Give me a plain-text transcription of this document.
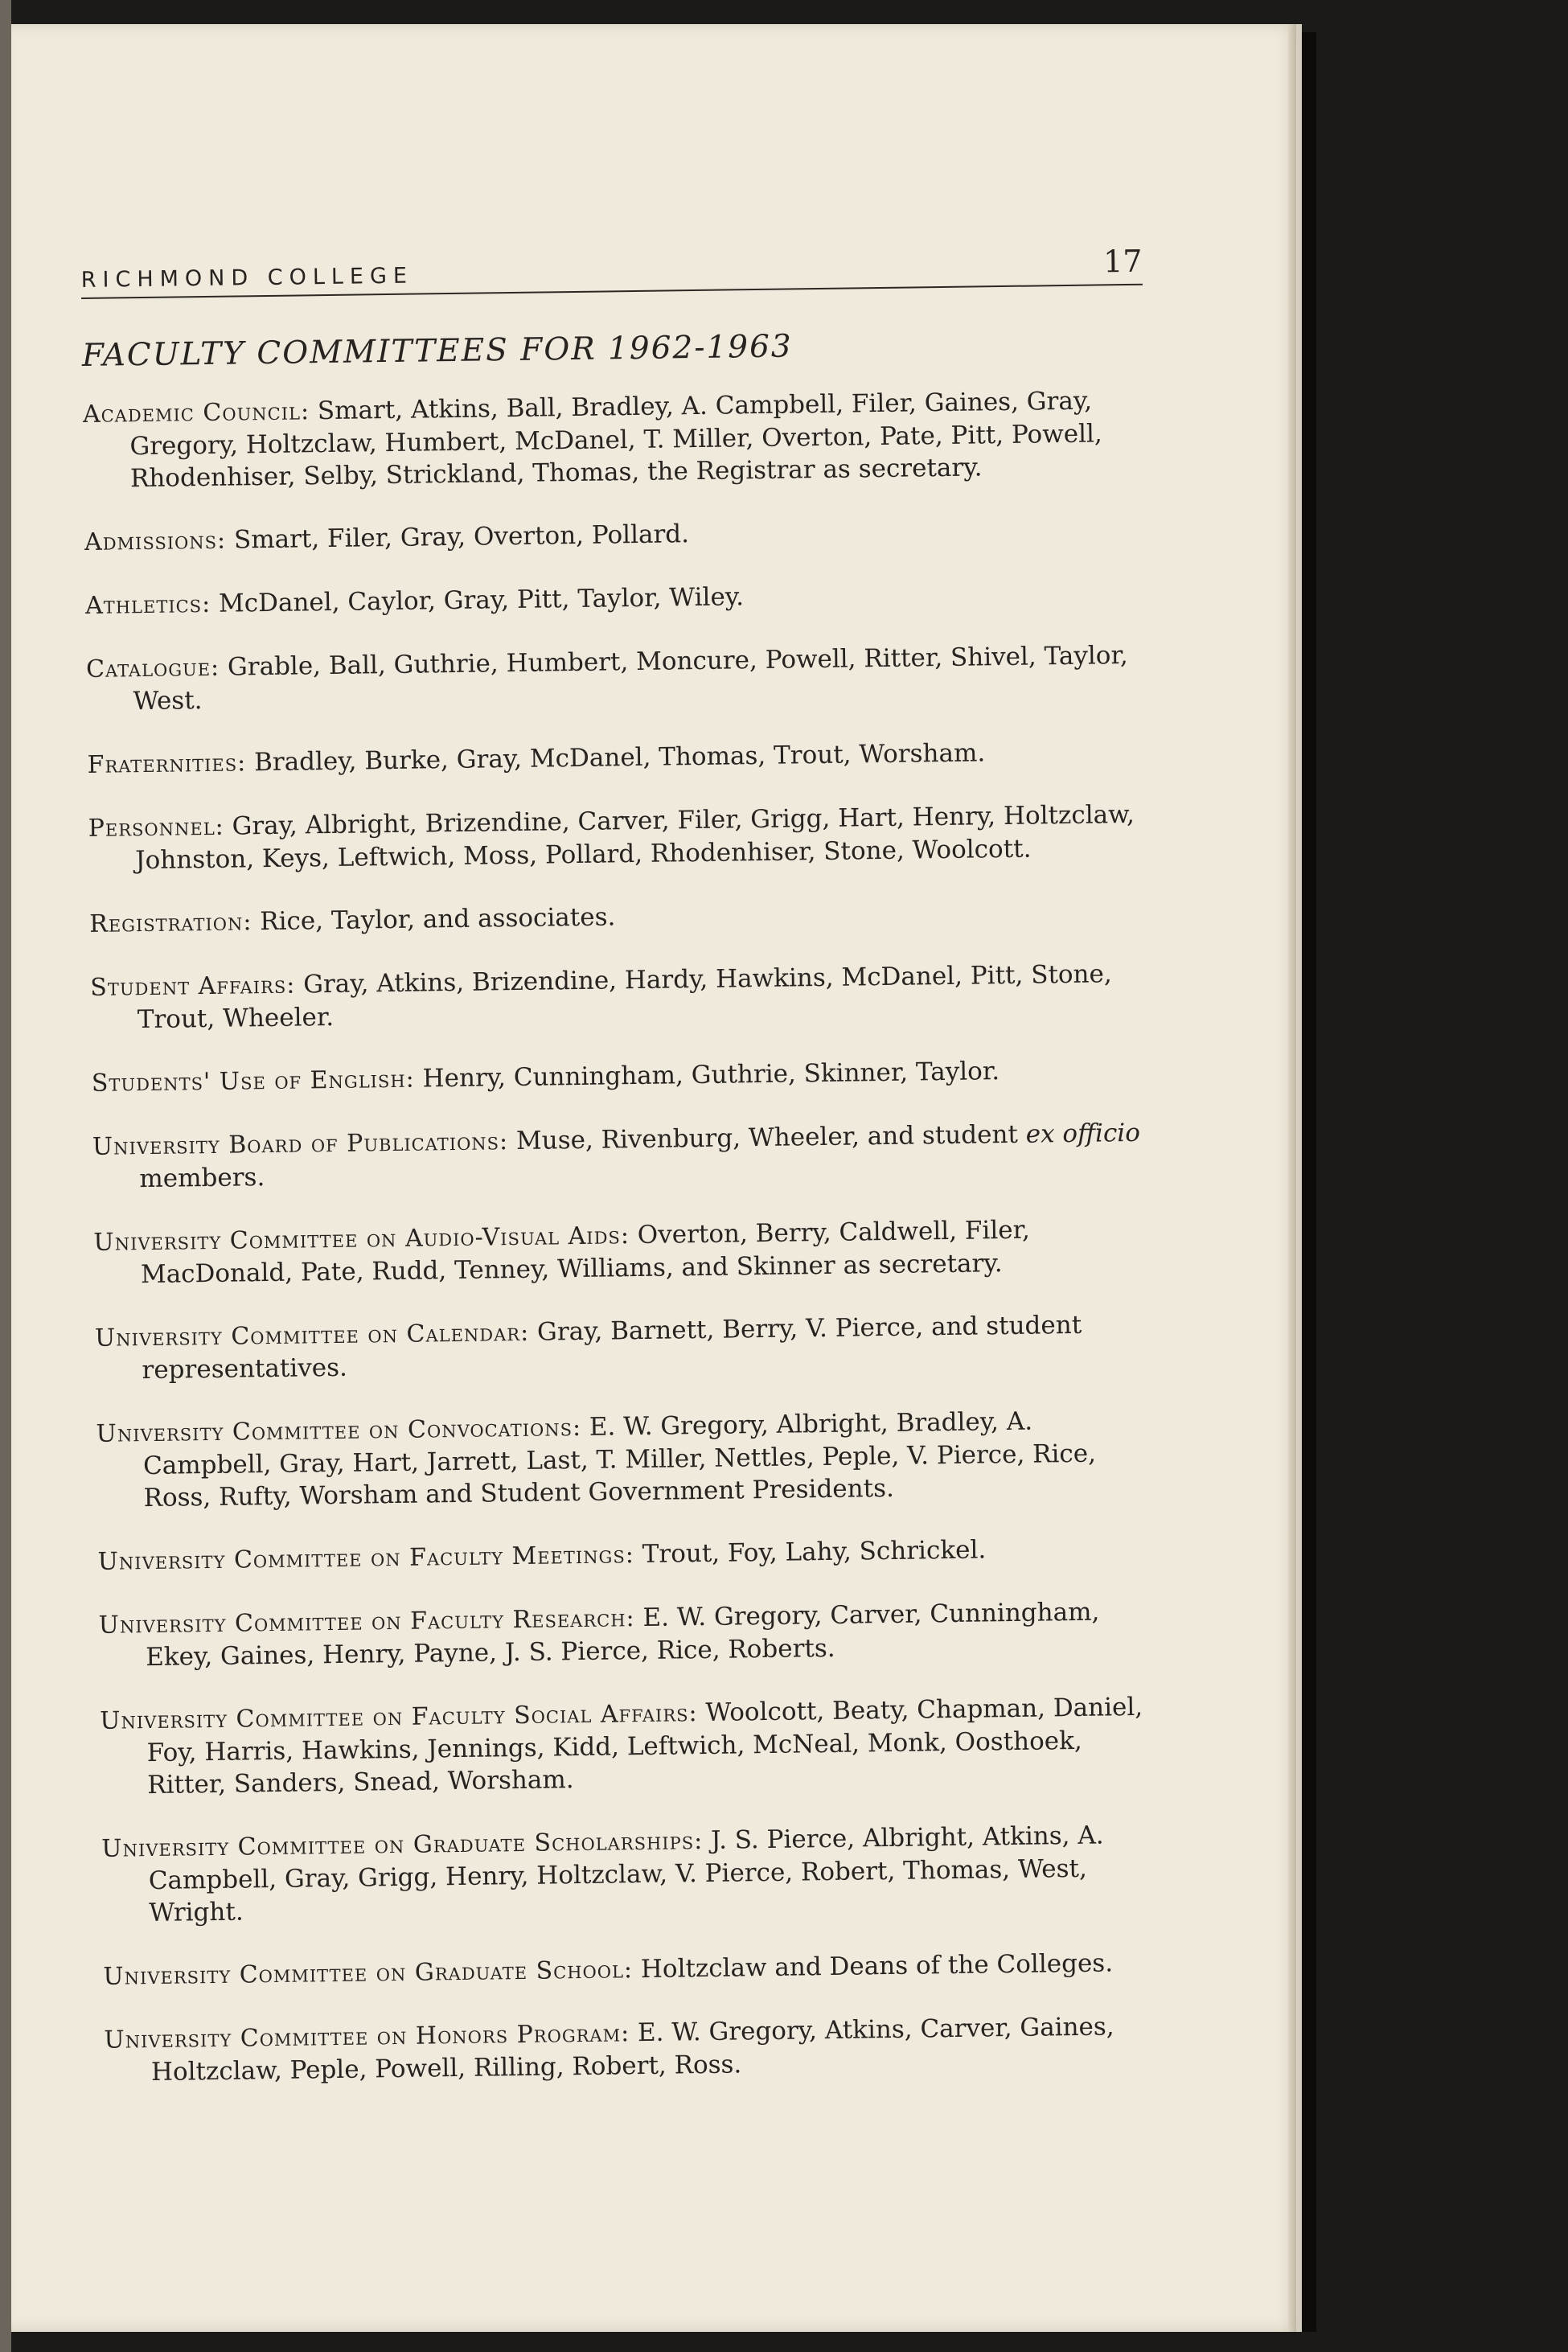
RICHMOND COLLEGE	17
FACULTY COMMITTEES FOR 1962-1963
Academic Council: Smart, Atkins, Ball, Bradley, A. Campbell, Filer, Gaines, Gray, Gregory, Holtzclaw, Humbert, McDanel, T. Miller, Overton, Pate, Pitt, Powell, Rhodenhiser, Selby, Strickland, Thomas, the Registrar as secretary.
Admissions: Smart, Filer, Gray, Overton, Pollard.
Athletics: McDanel, Caylor, Gray, Pitt, Taylor, Wiley.
Catalogue: Grable, Ball, Guthrie, Humbert, Moncure, Powell, Ritter, Shivel, Taylor, West.
Fraternities: Bradley, Burke, Gray, McDanel, Thomas, Trout, Worsham.
Personnel: Gray, Albright, Brizendine, Carver, Filer, Grigg, Hart, Henry, Holtzclaw, Johnston, Keys, Leftwich, Moss, Pollard, Rhodenhiser, Stone, Woolcott.
Registration: Rice, Taylor, and associates.
Student Affairs: Gray, Atkins, Brizendine, Hardy, Hawkins, McDanel, Pitt, Stone, Trout, Wheeler.
Students' Use of English: Henry, Cunningham, Guthrie, Skinner, Taylor.
University Board of Publications: Muse, Rivenburg, Wheeler, and student ex officio members.
University Committee on Audio-Visual Aids: Overton, Berry, Caldwell, Filer, MacDonald, Pate, Rudd, Tenney, Williams, and Skinner as secretary.
University Committee on Calendar: Gray, Barnett, Berry, V. Pierce, and student representatives.
University Committee on Convocations: E. W. Gregory, Albright, Bradley, A. Campbell, Gray, Hart, Jarrett, Last, T. Miller, Nettles, Peple, V. Pierce, Rice, Ross, Rufty, Worsham and Student Government Presidents.
University Committee on Faculty Meetings: Trout, Foy, Lahy, Schrickel.
University Committee on Faculty Research: E. W. Gregory, Carver, Cunningham, Ekey, Gaines, Henry, Payne, J. S. Pierce, Rice, Roberts.
University Committee on Faculty Social Affairs: Woolcott, Beaty, Chapman, Daniel, Foy, Harris, Hawkins, Jennings, Kidd, Leftwich, McNeal, Monk, Oosthoek, Ritter, Sanders, Snead, Worsham.
University Committee on Graduate Scholarships: J. S. Pierce, Albright, Atkins, A. Campbell, Gray, Grigg, Henry, Holtzclaw, V. Pierce, Robert, Thomas, West, Wright.
University Committee on Graduate School: Holtzclaw and Deans of the Colleges.
University Committee on Honors Program: E. W. Gregory, Atkins, Carver, Gaines, Holtzclaw, Peple, Powell, Rilling, Robert, Ross.
